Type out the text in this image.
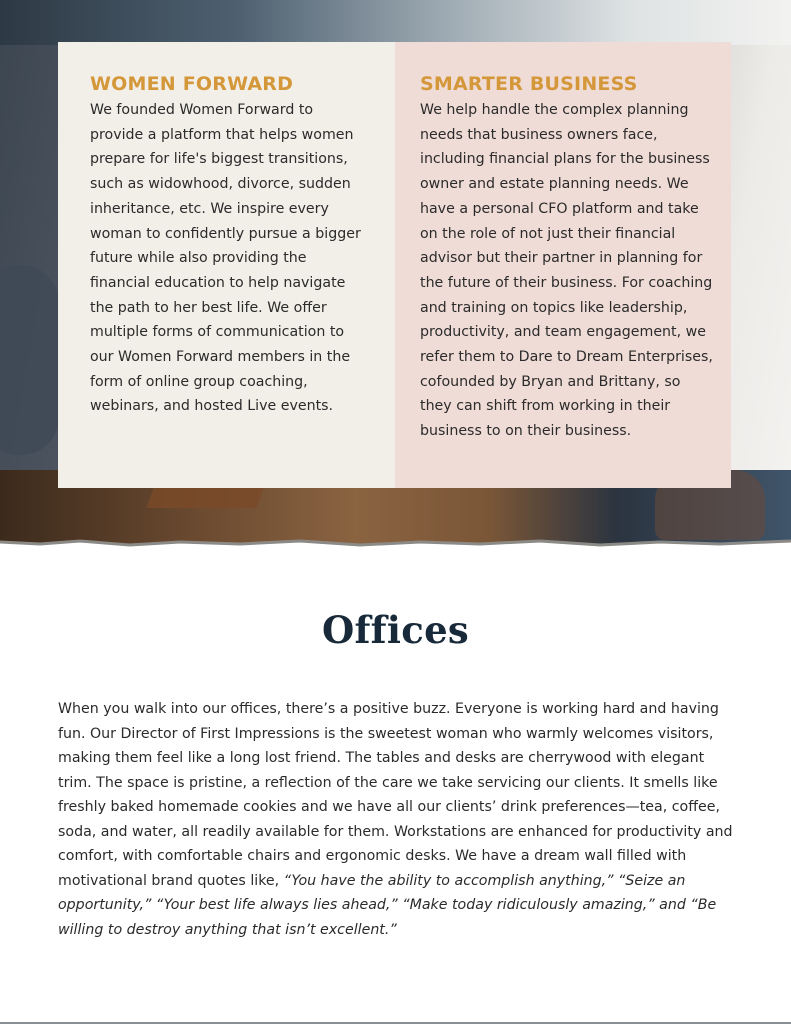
WOMEN FORWARD

We founded Women Forward to provide a platform that helps women prepare for life's biggest transitions, such as widowhood, divorce, sudden inheritance, etc. We inspire every woman to confidently pursue a bigger future while also providing the financial education to help navigate the path to her best life. We offer multiple forms of communication to our Women Forward members in the form of online group coaching, webinars, and hosted Live events.

SMARTER BUSINESS

We help handle the complex planning needs that business owners face, including financial plans for the business owner and estate planning needs. We have a personal CFO platform and take on the role of not just their financial advisor but their partner in planning for the future of their business. For coaching and training on topics like leadership, productivity, and team engagement, we refer them to Dare to Dream Enterprises, cofounded by Bryan and Brittany, so they can shift from working in their business to on their business.

Offices

When you walk into our offices, there’s a positive buzz. Everyone is working hard and having fun. Our Director of First Impressions is the sweetest woman who warmly welcomes visitors, making them feel like a long lost friend. The tables and desks are cherrywood with elegant trim. The space is pristine, a reflection of the care we take servicing our clients. It smells like freshly baked homemade cookies and we have all our clients’ drink preferences—tea, coffee, soda, and water, all readily available for them. Workstations are enhanced for productivity and comfort, with comfortable chairs and ergonomic desks. We have a dream wall filled with motivational brand quotes like, “You have the ability to accomplish anything,” “Seize an opportunity,” “Your best life always lies ahead,” “Make today ridiculously amazing,” and “Be willing to destroy anything that isn’t excellent.”
